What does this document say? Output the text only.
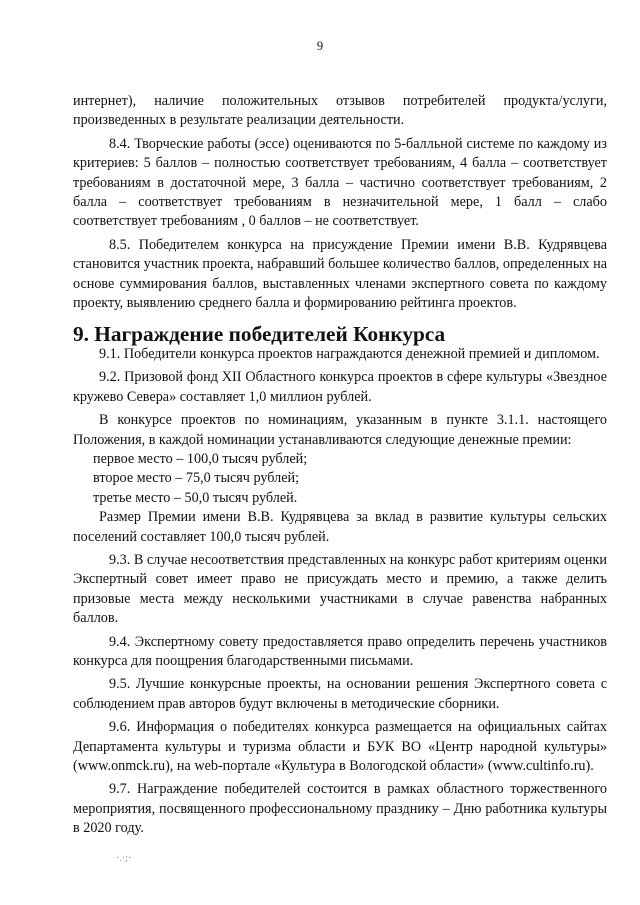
9

интернет), наличие положительных отзывов потребителей продукта/услуги, произведенных в результате реализации деятельности.

8.4. Творческие работы (эссе) оцениваются по 5-балльной системе по каждому из критериев: 5 баллов – полностью соответствует требованиям, 4 балла – соответствует требованиям в достаточной мере, 3 балла – частично соответствует требованиям, 2 балла – соответствует требованиям в незначительной мере, 1 балл – слабо соответствует требованиям , 0 баллов – не соответствует.

8.5. Победителем конкурса на присуждение Премии имени В.В. Кудрявцева становится участник проекта, набравший большее количество баллов, определенных на основе суммирования баллов, выставленных членами экспертного совета по каждому проекту, выявлению среднего балла и формированию рейтинга проектов.

9. Награждение победителей Конкурса

9.1. Победители конкурса проектов награждаются денежной премией и дипломом.

9.2. Призовой фонд XII Областного конкурса проектов в сфере культуры «Звездное кружево Севера» составляет 1,0 миллион рублей.

В конкурсе проектов по номинациям, указанным в пункте 3.1.1. настоящего Положения, в каждой номинации устанавливаются следующие денежные премии:

первое место – 100,0 тысяч рублей;

второе место – 75,0 тысяч рублей;

третье место – 50,0 тысяч рублей.

Размер Премии имени В.В. Кудрявцева за вклад в развитие культуры сельских поселений составляет 100,0 тысяч рублей.

9.3. В случае несоответствия представленных на конкурс работ критериям оценки Экспертный совет имеет право не присуждать место и премию, а также делить призовые места между несколькими участниками в случае равенства набранных баллов.

9.4. Экспертному совету предоставляется право определить перечень участников конкурса для поощрения благодарственными письмами.

9.5. Лучшие конкурсные проекты, на основании решения Экспертного совета с соблюдением прав авторов будут включены в методические сборники.

9.6. Информация о победителях конкурса размещается на официальных сайтах Департамента культуры и туризма области и БУК ВО «Центр народной культуры» (www.onmck.ru), на web-портале «Культура в Вологодской области» (www.cultinfo.ru).

9.7. Награждение победителей состоится в рамках областного торжественного мероприятия, посвященного профессиональному празднику – Дню работника культуры в 2020 году.

·.·;·
